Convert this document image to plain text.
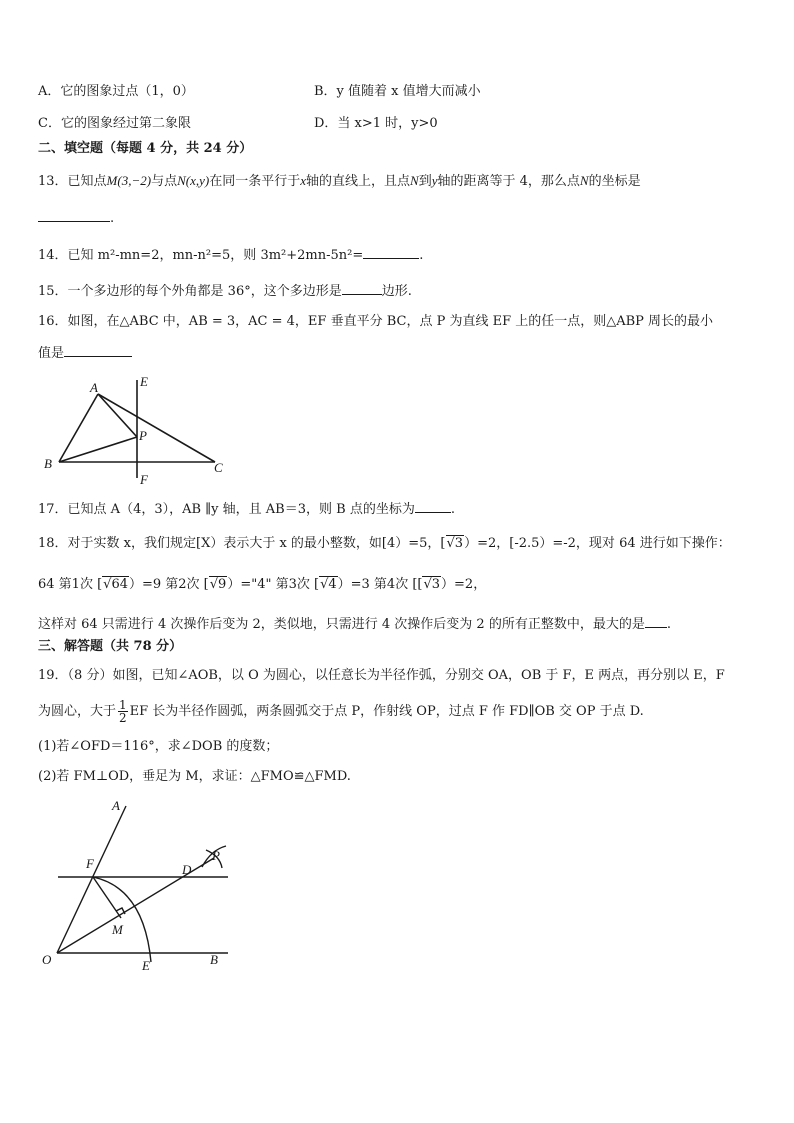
A．它的图象过点（1，0）	B．y 值随着 x 值增大而减小
C．它的图象经过第二象限	D．当 x>1 时，y>0
二、填空题（每题 4 分，共 24 分）
13．已知点M(3,−2)与点N(x,y)在同一条平行于x轴的直线上，且点N到y轴的距离等于 4，那么点N的坐标是
.
14．已知 m²-mn=2，mn-n²=5，则 3m²+2mn-5n²=	.
15．一个多边形的每个外角都是 36°，这个多边形是	边形.
16．如图，在△ABC 中，AB = 3，AC = 4，EF 垂直平分 BC，点 P 为直线 EF 上的任一点，则△ABP 周长的最小
值是
A	E
P
B	C
F
17．已知点 A（4，3），AB ∥y 轴，且 AB＝3，则 B 点的坐标为	.
18．对于实数 x，我们规定[X）表示大于 x 的最小整数，如[4）=5，[√3）=2，[-2.5）=-2，现对 64 进行如下操作：
64 第1次 [√64）=9 第2次 [√9）="4" 第3次 [√4）=3 第4次 [[√3）=2，
这样对 64 只需进行 4 次操作后变为 2，类似地，只需进行 4 次操作后变为 2 的所有正整数中，最大的是 .
三、解答题（共 78 分）
19．（8 分）如图，已知∠AOB，以 O 为圆心，以任意长为半径作弧，分别交 OA，OB 于 F，E 两点，再分别以 E，F
为圆心，大于 $\frac{1}{2}$ EF 长为半径作圆弧，两条圆弧交于点 P，作射线 OP，过点 F 作 FD∥OB 交 OP 于点 D.
(1)若∠OFD＝116°，求∠DOB 的度数；
(2)若 FM⊥OD，垂足为 M，求证：△FMO≌△FMD.
A
P
F	D
M
O	E	B
